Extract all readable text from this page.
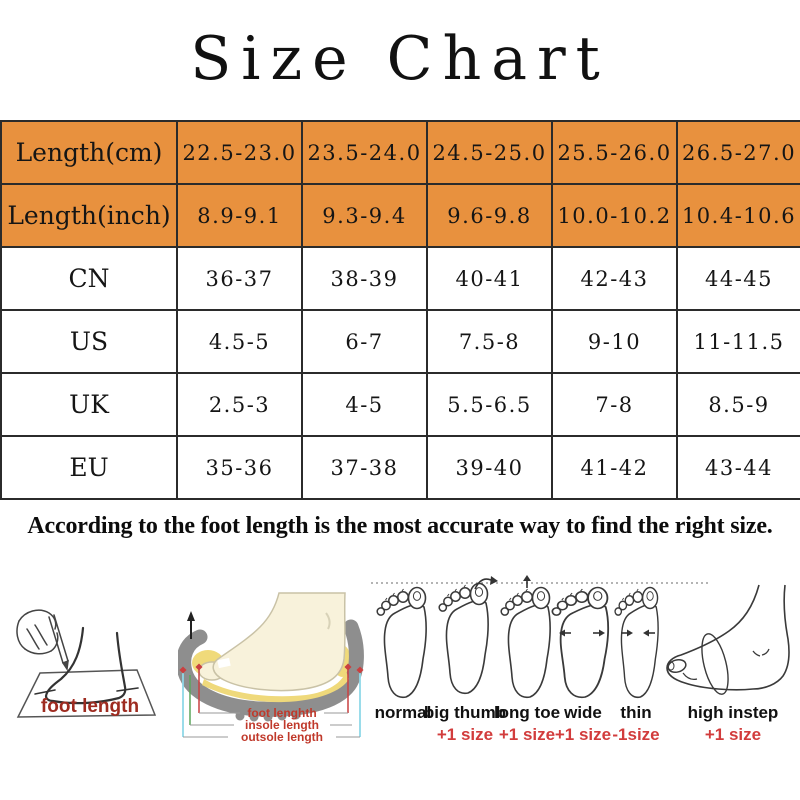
Size Chart
Length(cm)	22.5-23.0	23.5-24.0	24.5-25.0	25.5-26.0	26.5-27.0
Length(inch)	8.9-9.1	9.3-9.4	9.6-9.8	10.0-10.2	10.4-10.6
CN	36-37	38-39	40-41	42-43	44-45
US	4.5-5	6-7	7.5-8	9-10	11-11.5
UK	2.5-3	4-5	5.5-6.5	7-8	8.5-9
EU	35-36	37-38	39-40	41-42	43-44
According to the foot length is the most accurate way to find the right size.
foot length	foot lenghth
insole length
outsole length
normal
big thumb
+1 size
long toe
+1 size
wide
+1 size
thin
-1size
high instep
+1 size
